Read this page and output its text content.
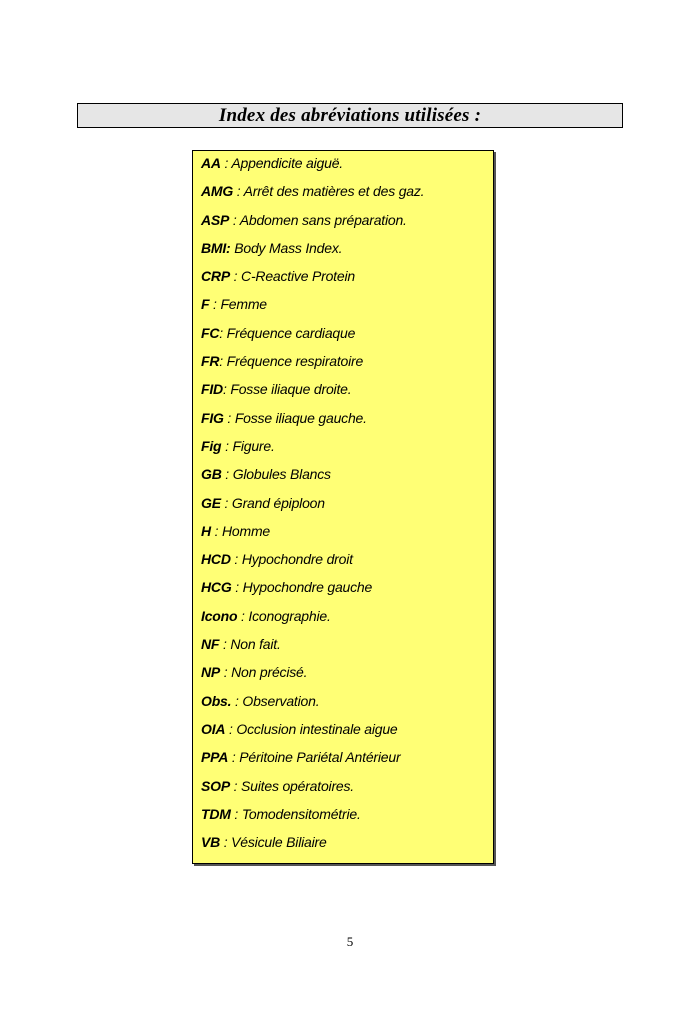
Index des abréviations utilisées :
AA : Appendicite aiguë.
AMG : Arrêt des matières et des gaz.
ASP : Abdomen sans préparation.
BMI: Body Mass Index.
CRP : C-Reactive Protein
F : Femme
FC: Fréquence cardiaque
FR: Fréquence respiratoire
FID: Fosse iliaque droite.
FIG : Fosse iliaque gauche.
Fig : Figure.
GB : Globules Blancs
GE : Grand épiploon
H : Homme
HCD : Hypochondre droit
HCG : Hypochondre gauche
Icono : Iconographie.
NF : Non fait.
NP : Non précisé.
Obs. : Observation.
OIA : Occlusion intestinale aigue
PPA : Péritoine Pariétal Antérieur
SOP : Suites opératoires.
TDM : Tomodensitométrie.
VB : Vésicule Biliaire
5
